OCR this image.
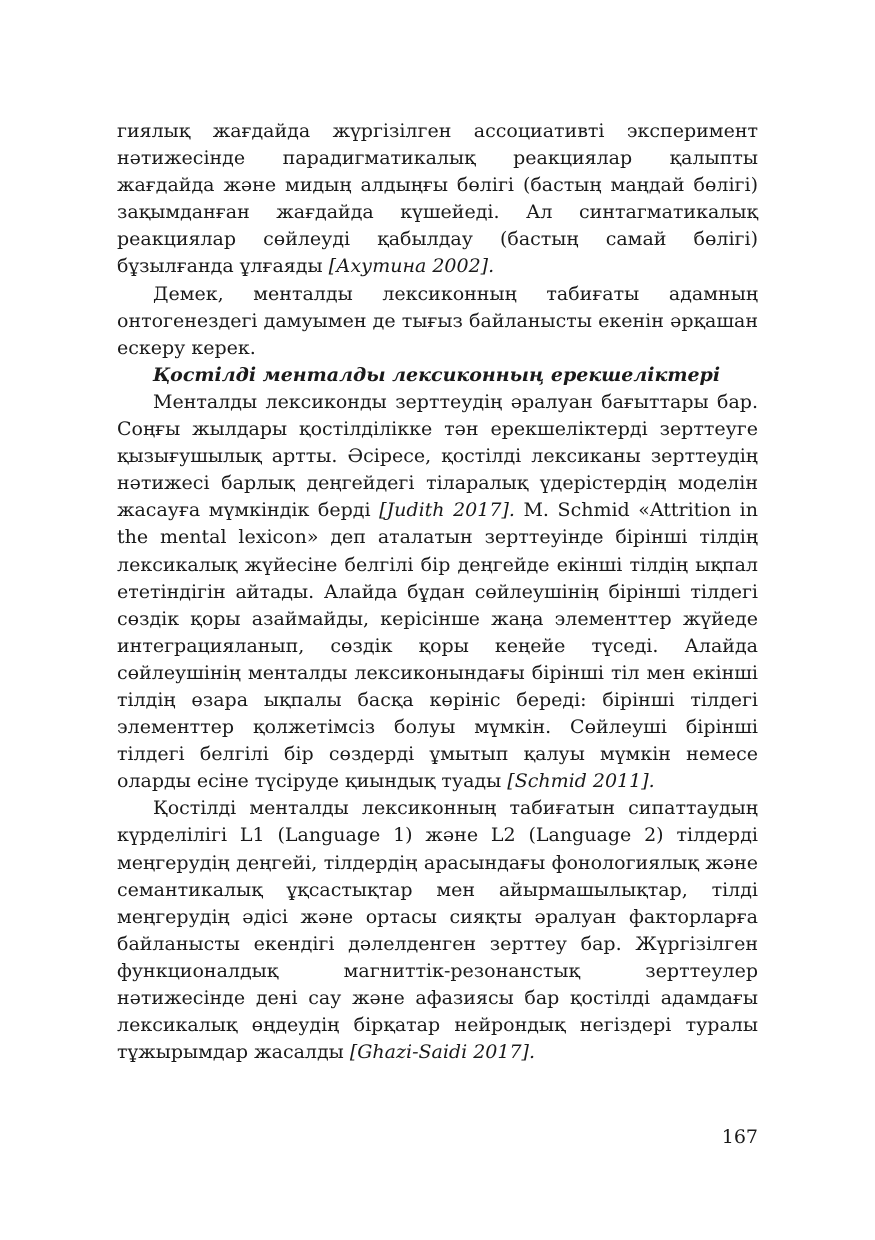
гиялық жағдайда жүргізілген ассоциативті эксперимент нәтижесінде парадигматикалық реакциялар қалыпты жағдайда және мидың алдыңғы бөлігі (бастың маңдай бөлігі) зақымданған жағдайда күшейеді. Ал синтагматикалық реакциялар сөйлеуді қабылдау (бастың самай бөлігі) бұзылғанда ұлғаяды [Ахутина 2002].

Демек, менталды лексиконның табиғаты адамның онтогенездегі дамуымен де тығыз байланысты екенін әрқашан ескеру керек.

Қостілді менталды лексиконның ерекшеліктері

Менталды лексиконды зерттеудің әралуан бағыттары бар. Соңғы жылдары қостілділікке тән ерекшеліктерді зерттеуге қызығушылық артты. Әсіресе, қостілді лексиканы зерттеудің нәтижесі барлық деңгейдегі тіларалық үдерістердің моделін жасауға мүмкіндік берді [Judith 2017]. M. Schmid «Attrition in the mental lexicon» деп аталатын зерттеуінде бірінші тілдің лексикалық жүйесіне белгілі бір деңгейде екінші тілдің ықпал ететіндігін айтады. Алайда бұдан сөйлеушінің бірінші тілдегі сөздік қоры азаймайды, керісінше жаңа элементтер жүйеде интеграцияланып, сөздік қоры кеңейе түседі. Алайда сөйлеушінің менталды лексиконындағы бірінші тіл мен екінші тілдің өзара ықпалы басқа көрініс береді: бірінші тілдегі элементтер қолжетімсіз болуы мүмкін. Сөйлеуші бірінші тілдегі белгілі бір сөздерді ұмытып қалуы мүмкін немесе оларды есіне түсіруде қиындық туады [Schmid 2011].

Қостілді менталды лексиконның табиғатын сипаттаудың күрделілігі L1 (Language 1) және L2 (Language 2) тілдерді меңгерудің деңгейі, тілдердің арасындағы фонологиялық және семантикалық ұқсастықтар мен айырмашылықтар, тілді меңгерудің әдісі және ортасы сияқты әралуан факторларға байланысты екендігі дәлелденген зерттеу бар. Жүргізілген функционалдық магниттік-резонанстық зерттеулер нәтижесінде дені сау және афазиясы бар қостілді адамдағы лексикалық өңдеудің бірқатар нейрондық негіздері туралы тұжырымдар жасалды [Ghazi-Saidi 2017].

167
